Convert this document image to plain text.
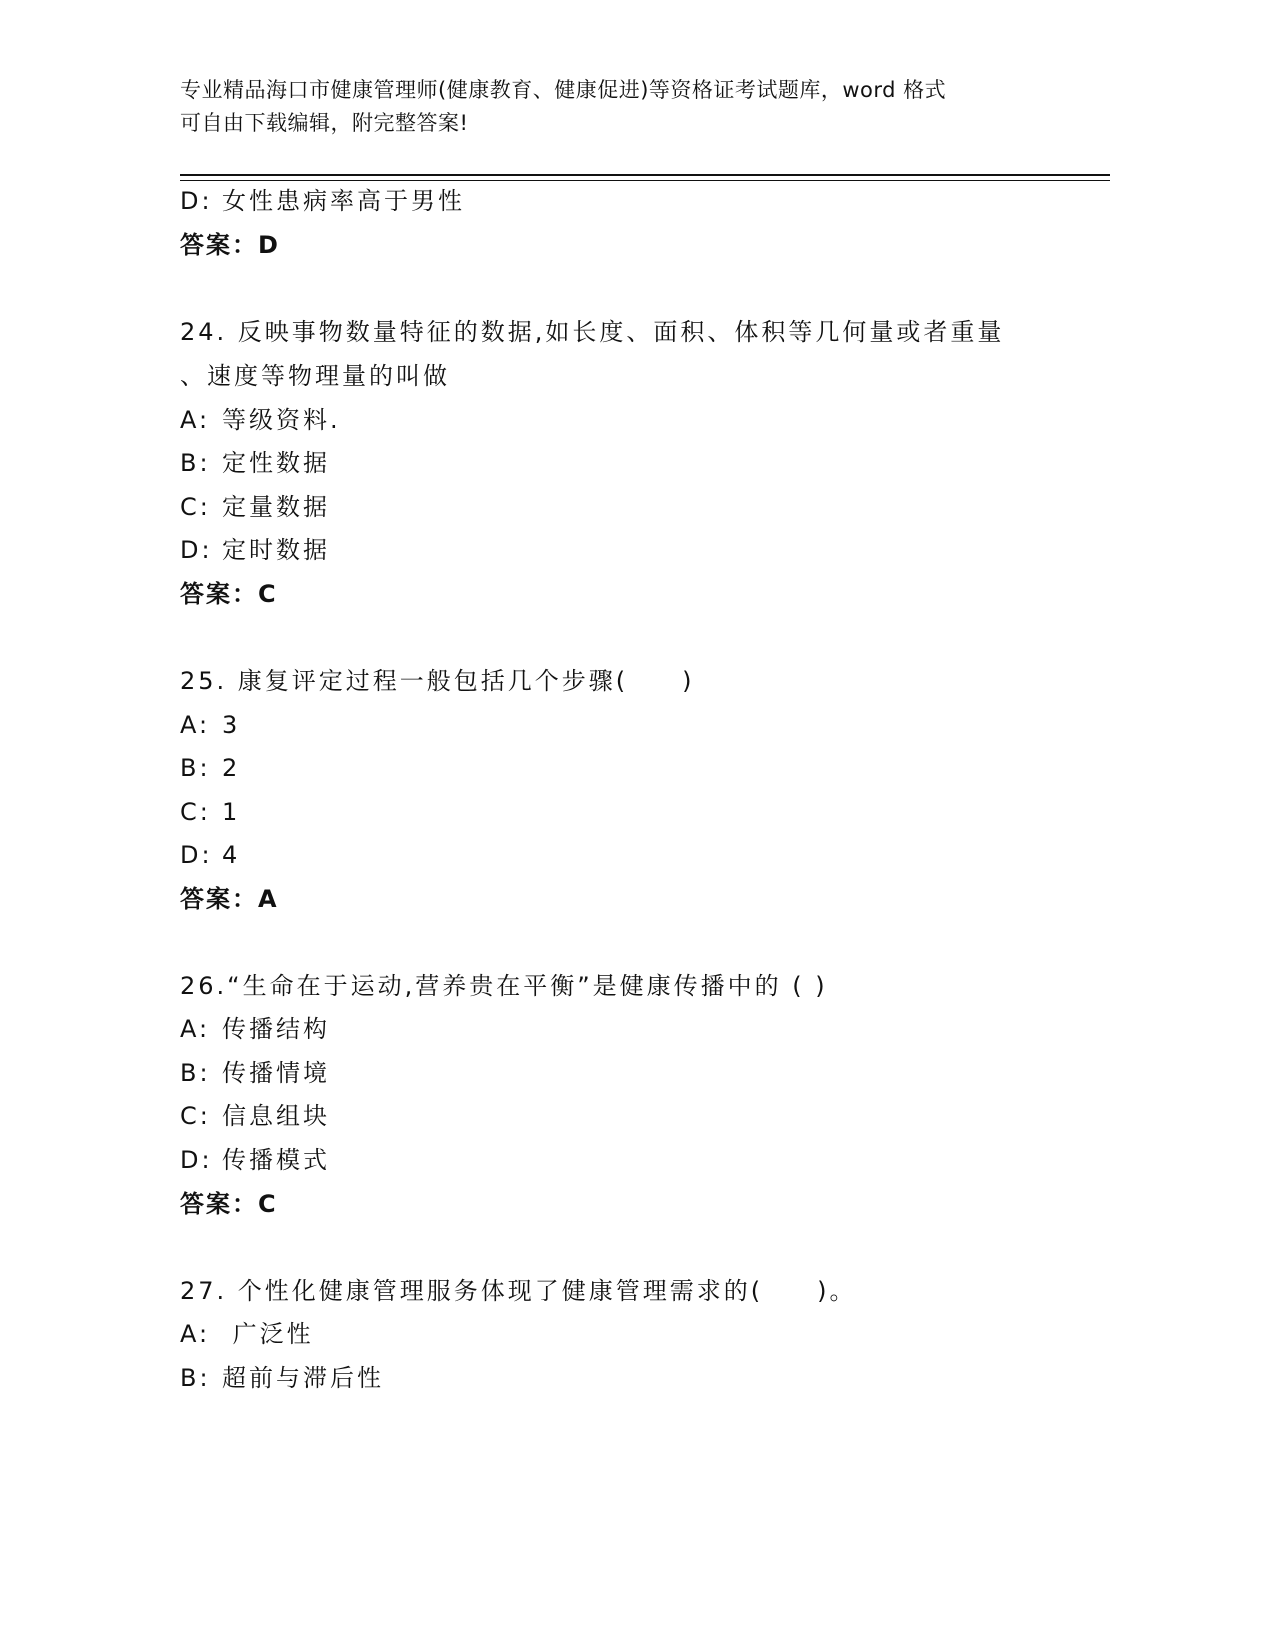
专业精品海口市健康管理师(健康教育、健康促进)等资格证考试题库，word 格式
可自由下载编辑，附完整答案!
D: 女性患病率高于男性
答案：D
24. 反映事物数量特征的数据,如长度、面积、体积等几何量或者重量
、速度等物理量的叫做
A: 等级资料.
B: 定性数据
C: 定量数据
D: 定时数据
答案：C
25. 康复评定过程一般包括几个步骤(　　)
A: 3
B: 2
C: 1
D: 4
答案：A
26.“生命在于运动,营养贵在平衡”是健康传播中的 ( )
A: 传播结构
B: 传播情境
C: 信息组块
D: 传播模式
答案：C
27. 个性化健康管理服务体现了健康管理需求的(　　)。
A: 广泛性
B: 超前与滞后性
